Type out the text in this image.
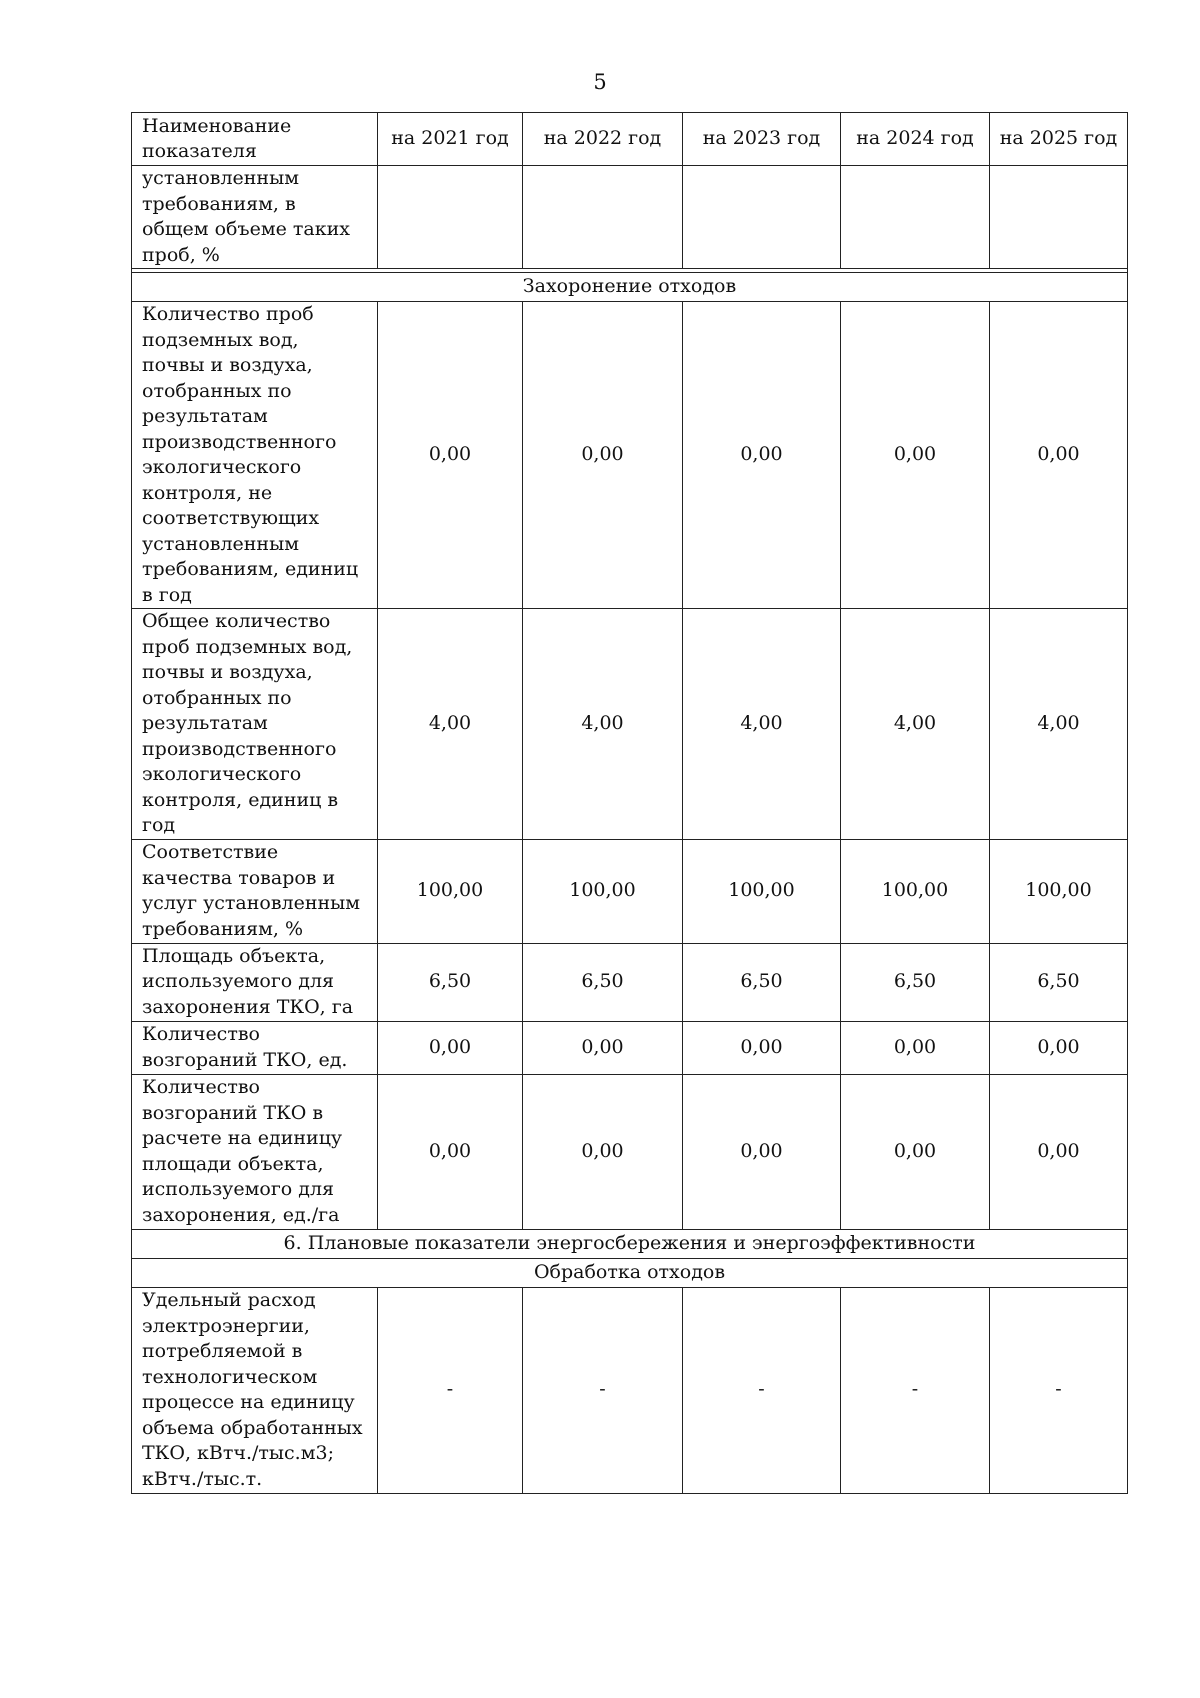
5
Наименование показателя	на 2021 год	на 2022 год	на 2023 год	на 2024 год	на 2025 год
установленным требованиям, в общем объеме таких проб, %					

Захоронение отходов					
Количество проб подземных вод, почвы и воздуха, отобранных по результатам производственного экологического контроля, не соответствующих установленным требованиям, единиц в год	0,00	0,00	0,00	0,00	0,00
Общее количество проб подземных вод, почвы и воздуха, отобранных по результатам производственного экологического контроля, единиц в год	4,00	4,00	4,00	4,00	4,00
Соответствие качества товаров и услуг установленным требованиям, %	100,00	100,00	100,00	100,00	100,00
Площадь объекта, используемого для захоронения ТКО, га	6,50	6,50	6,50	6,50	6,50
Количество возгораний ТКО, ед.	0,00	0,00	0,00	0,00	0,00
Количество возгораний ТКО в расчете на единицу площади объекта, используемого для захоронения, ед./га	0,00	0,00	0,00	0,00	0,00
6. Плановые показатели энергосбережения и энергоэффективности					
Обработка отходов					
Удельный расход электроэнергии, потребляемой в технологическом процессе на единицу объема обработанных ТКО, кВтч./тыс.м3; кВтч./тыс.т.	-	-	-	-	-
